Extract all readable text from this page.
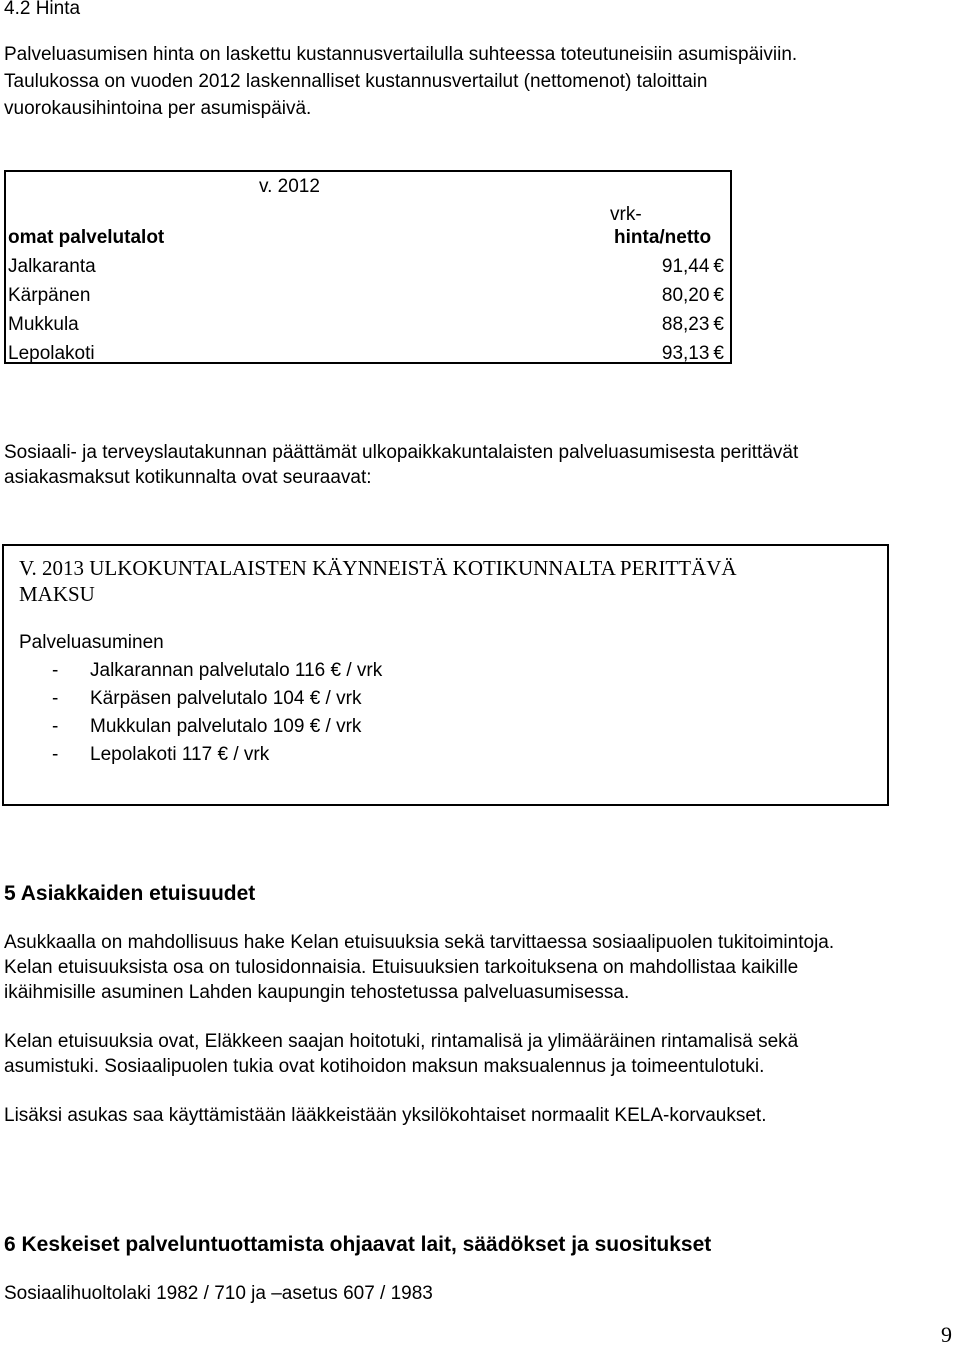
4.2 Hinta
Palveluasumisen hinta on laskettu kustannusvertailulla suhteessa toteutuneisiin asumispäiviin.
Taulukossa on vuoden 2012 laskennalliset kustannusvertailut (nettomenot) taloittain
vuorokausihintoina per asumispäivä.
v. 2012
vrk-
omat palvelutalot	hinta/netto
Jalkaranta	91,44 €
Kärpänen	80,20 €
Mukkula	88,23 €
Lepolakoti	93,13 €
Sosiaali- ja terveyslautakunnan päättämät ulkopaikkakuntalaisten palveluasumisesta perittävät
asiakasmaksut kotikunnalta ovat seuraavat:
V. 2013 ULKOKUNTALAISTEN KÄYNNEISTÄ KOTIKUNNALTA PERITTÄVÄ
MAKSU
Palveluasuminen
- Jalkarannan palvelutalo 116 € / vrk
- Kärpäsen palvelutalo 104 € / vrk
- Mukkulan palvelutalo 109 € / vrk
- Lepolakoti 117 € / vrk
5 Asiakkaiden etuisuudet
Asukkaalla on mahdollisuus hake Kelan etuisuuksia sekä tarvittaessa sosiaalipuolen tukitoimintoja.
Kelan etuisuuksista osa on tulosidonnaisia. Etuisuuksien tarkoituksena on mahdollistaa kaikille
ikäihmisille asuminen Lahden kaupungin tehostetussa palveluasumisessa.
Kelan etuisuuksia ovat, Eläkkeen saajan hoitotuki, rintamalisä ja ylimääräinen rintamalisä sekä
asumistuki. Sosiaalipuolen tukia ovat kotihoidon maksun maksualennus ja toimeentulotuki.
Lisäksi asukas saa käyttämistään lääkkeistään yksilökohtaiset normaalit KELA-korvaukset.
6 Keskeiset palveluntuottamista ohjaavat lait, säädökset ja suositukset
Sosiaalihuoltolaki 1982 / 710 ja –asetus 607 / 1983
9
